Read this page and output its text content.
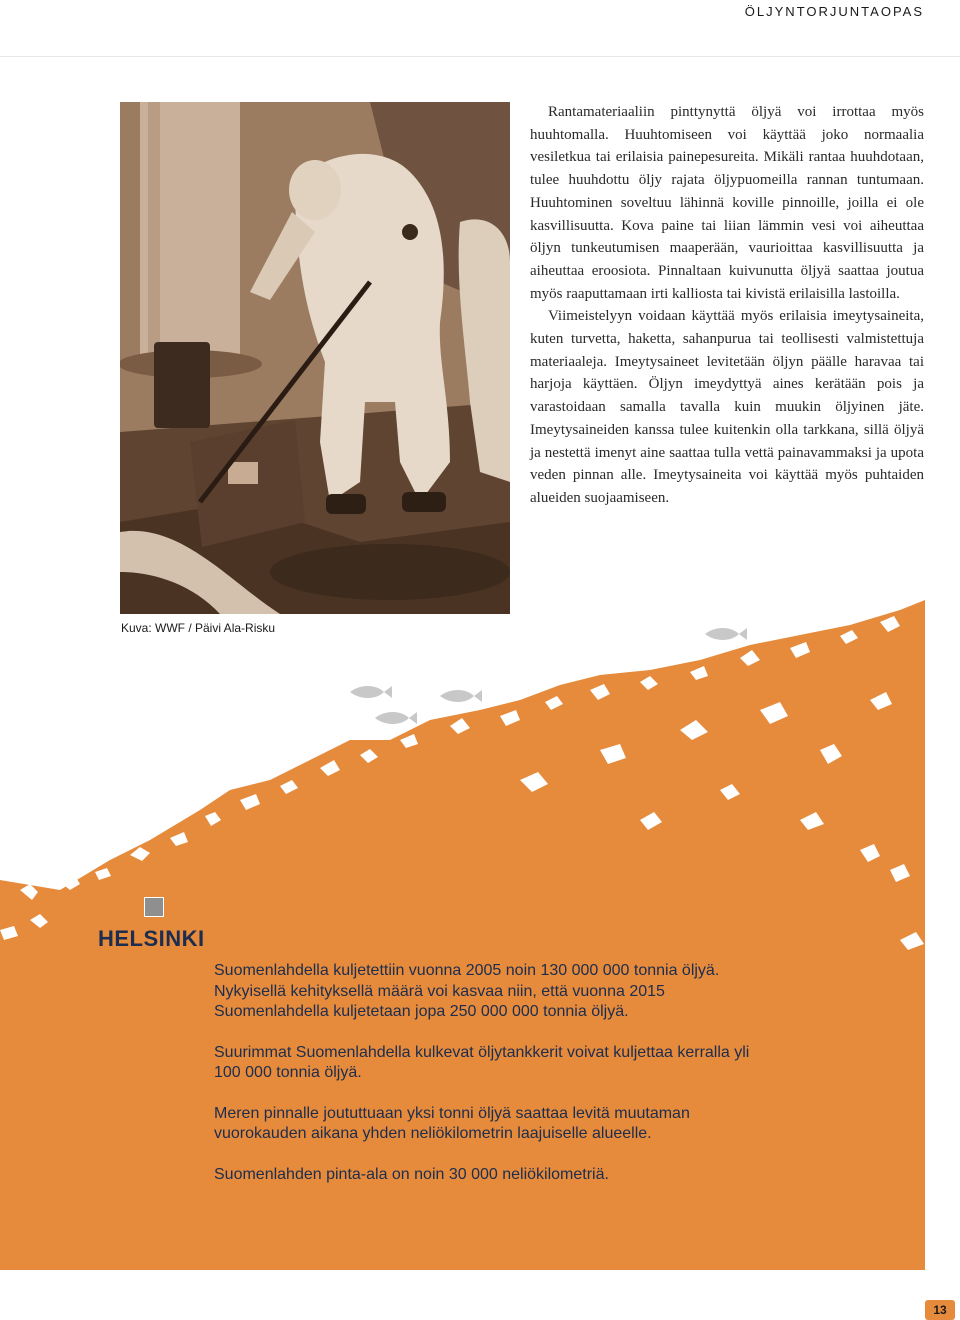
ÖLJYNTORJUNTAOPAS
Kuva: WWF / Päivi Ala-Risku

Rantamateriaaliin pinttynyttä öljyä voi irrottaa myös huuhtomalla. Huuhtomiseen voi käyttää joko normaalia vesiletkua tai erilaisia painepesureita. Mikäli rantaa huuhdotaan, tulee huuhdottu öljy rajata öljypuomeilla rannan tuntumaan. Huuhtominen soveltuu lähinnä koville pinnoille, joilla ei ole kasvillisuutta. Kova paine tai liian lämmin vesi voi aiheuttaa öljyn tunkeutumisen maaperään, vaurioittaa kasvillisuutta ja aiheuttaa eroosiota. Pinnaltaan kuivunutta öljyä saattaa joutua myös raaputtamaan irti kalliosta tai kivistä erilaisilla lastoilla.

Viimeistelyyn voidaan käyttää myös erilaisia imeytysaineita, kuten turvetta, haketta, sahanpurua tai teollisesti valmistettuja materiaaleja. Imeytysaineet levitetään öljyn päälle haravaa tai harjoja käyttäen. Öljyn imeydyttyä aines kerätään pois ja varastoidaan samalla tavalla kuin muukin öljyinen jäte. Imeytysaineiden kanssa tulee kuitenkin olla tarkkana, sillä öljyä ja nestettä imenyt aine saattaa tulla vettä painavammaksi ja upota veden pinnan alle. Imeytysaineita voi käyttää myös puhtaiden alueiden suojaamiseen.

HELSINKI

Suomenlahdella kuljetettiin vuonna 2005 noin 130 000 000 tonnia öljyä. Nykyisellä kehityksellä määrä voi kasvaa niin, että vuonna 2015 Suomenlahdella kuljetetaan jopa 250 000 000 tonnia öljyä.

Suurimmat Suomenlahdella kulkevat öljytankkerit voivat kuljettaa kerralla yli 100 000 tonnia öljyä.

Meren pinnalle joututtuaan yksi tonni öljyä saattaa levitä muutaman vuorokauden aikana yhden neliökilometrin laajuiselle alueelle.

Suomenlahden pinta-ala on noin 30 000 neliökilometriä.

13
